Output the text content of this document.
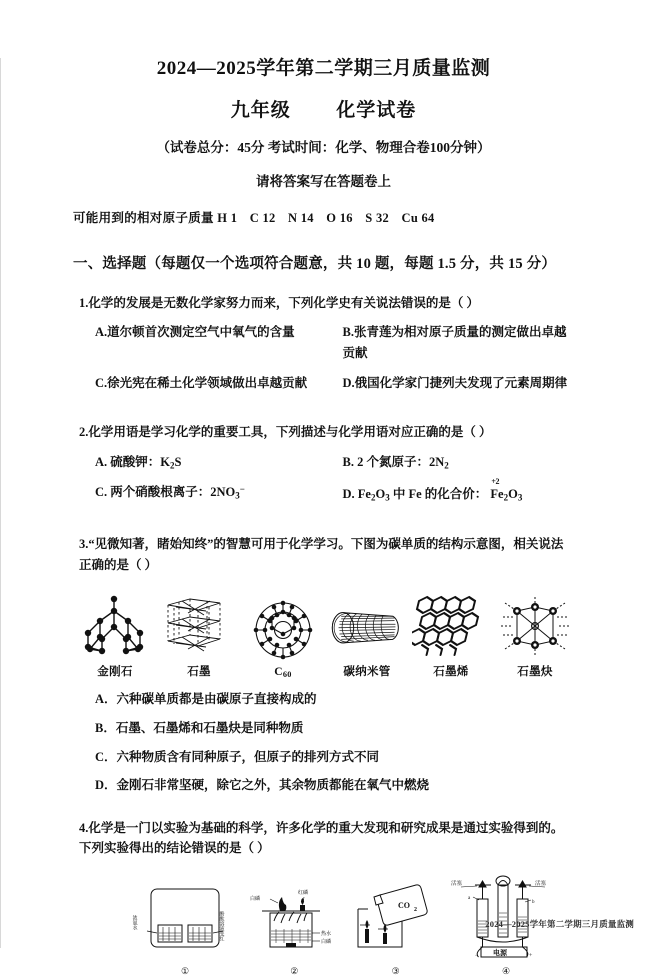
2024—2025学年第二学期三月质量监测
九年级 化学试卷
（试卷总分：45分 考试时间：化学、物理合卷100分钟）
请将答案写在答题卷上
可能用到的相对原子质量 H 1 C 12 N 14 O 16 S 32 Cu 64
一、选择题（每题仅一个选项符合题意，共 10 题，每题 1.5 分，共 15 分）
1.化学的发展是无数化学家努力而来，下列化学史有关说法错误的是（ ）
A.道尔顿首次测定空气中氧气的含量	B.张青莲为相对原子质量的测定做出卓越贡献
C.徐光宪在稀土化学领域做出卓越贡献	D.俄国化学家门捷列夫发现了元素周期律
2.化学用语是学习化学的重要工具，下列描述与化学用语对应正确的是（ ）
A. 硫酸钾：$K_2S$	B. 2 个氮原子：$2N_2$
C. 两个硝酸根离子：$2NO_3^-$	D. $Fe_2O_3$ 中 Fe 的化合价：
+2
$Fe_2O_3$
3.“见微知著，睹始知终”的智慧可用于化学学习。下图为碳单质的结构示意图，相关说法正确的是（ ）
金刚石	石墨	$C_{60}$	碳纳米管	石墨烯	石墨炔
A．六种碳单质都是由碳原子直接构成的
B．石墨、石墨烯和石墨炔是同种物质
C．六种物质含有同种原子，但原子的排列方式不同
D．金刚石非常坚硬，除它之外，其余物质都能在氧气中燃烧
4.化学是一门以实验为基础的科学，许多化学的重大发现和研究成果是通过实验得到的。下列实验得出的结论错误的是（ ）
浓氨水	酚酞溶液变红
①
白磷
红磷
热水
白磷
②
CO 2
③
活塞	活塞
a
b
电源
−	+
④
2024—2025学年第二学期三月质量监测
